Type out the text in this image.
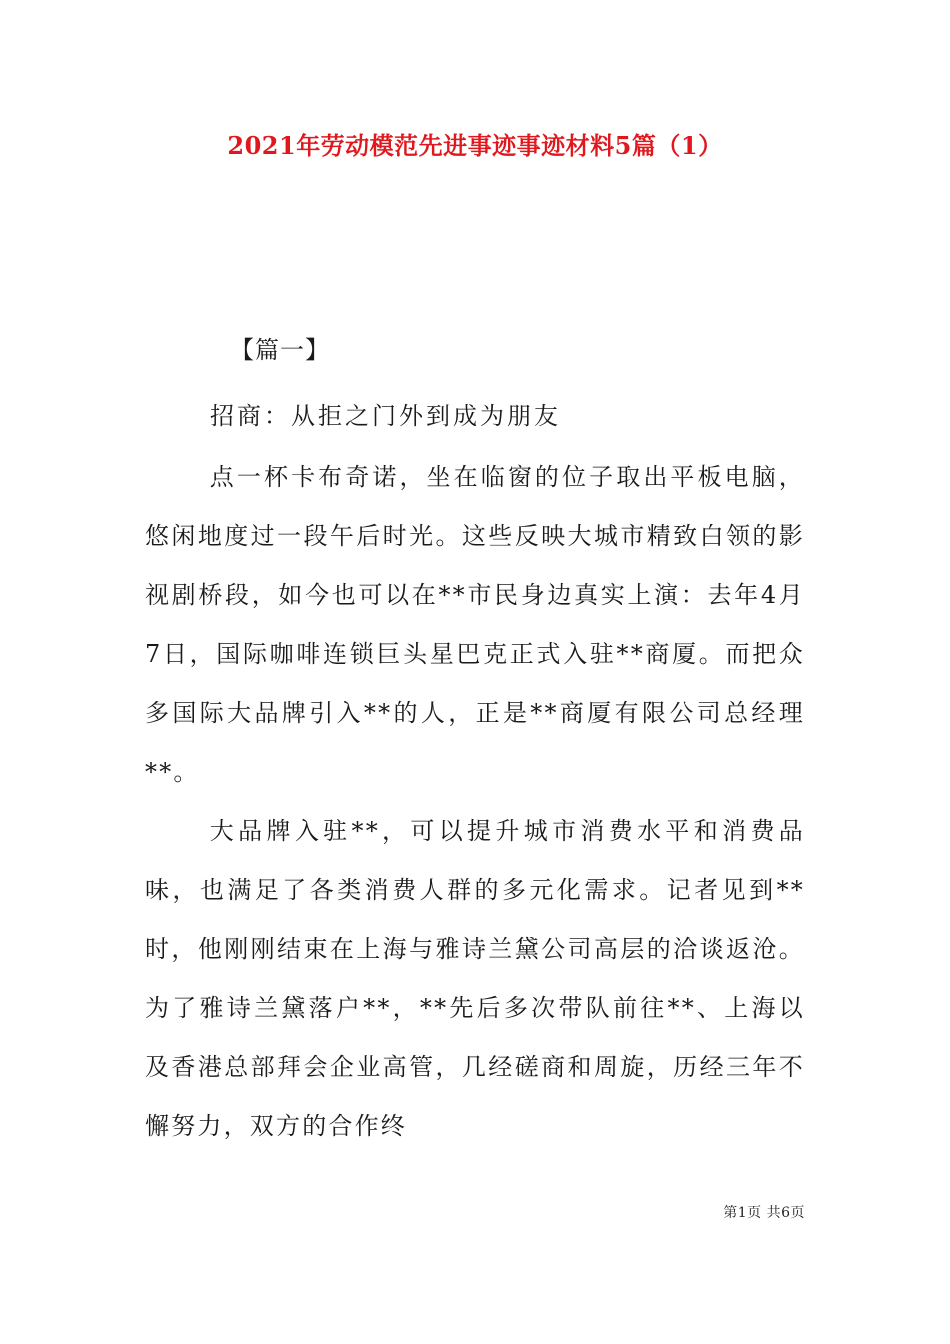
2021年劳动模范先进事迹事迹材料5篇（1）
【篇一】
招商：从拒之门外到成为朋友

点一杯卡布奇诺，坐在临窗的位子取出平板电脑，悠闲地度过一段午后时光。这些反映大城市精致白领的影视剧桥段，如今也可以在**市民身边真实上演：去年4月7日，国际咖啡连锁巨头星巴克正式入驻**商厦。而把众多国际大品牌引入**的人，正是**商厦有限公司总经理**。

大品牌入驻**，可以提升城市消费水平和消费品味，也满足了各类消费人群的多元化需求。记者见到**时，他刚刚结束在上海与雅诗兰黛公司高层的洽谈返沧。为了雅诗兰黛落户**，**先后多次带队前往**、上海以及香港总部拜会企业高管，几经磋商和周旋，历经三年不懈努力，双方的合作终

第1页 共6页
